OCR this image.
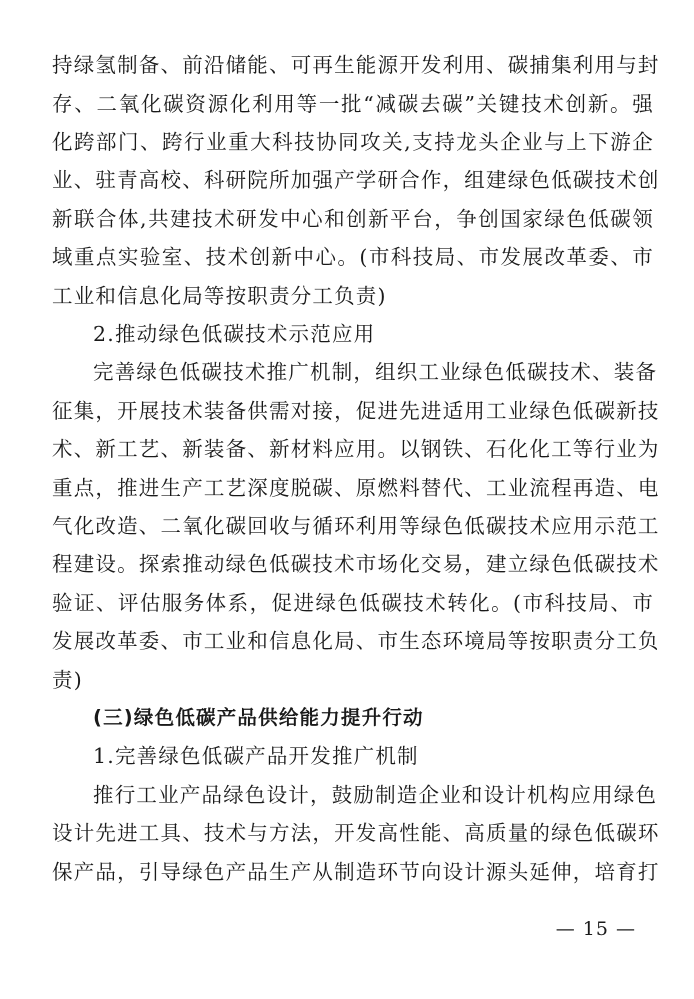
持绿氢制备、前沿储能、可再生能源开发利用、碳捕集利用与封
存、二氧化碳资源化利用等一批“减碳去碳”关键技术创新。强
化跨部门、跨行业重大科技协同攻关,支持龙头企业与上下游企
业、驻青高校、科研院所加强产学研合作，组建绿色低碳技术创
新联合体,共建技术研发中心和创新平台，争创国家绿色低碳领
域重点实验室、技术创新中心。(市科技局、市发展改革委、市
工业和信息化局等按职责分工负责)
2.推动绿色低碳技术示范应用
完善绿色低碳技术推广机制，组织工业绿色低碳技术、装备
征集，开展技术装备供需对接，促进先进适用工业绿色低碳新技
术、新工艺、新装备、新材料应用。以钢铁、石化化工等行业为
重点，推进生产工艺深度脱碳、原燃料替代、工业流程再造、电
气化改造、二氧化碳回收与循环利用等绿色低碳技术应用示范工
程建设。探索推动绿色低碳技术市场化交易，建立绿色低碳技术
验证、评估服务体系，促进绿色低碳技术转化。(市科技局、市
发展改革委、市工业和信息化局、市生态环境局等按职责分工负
责)
(三)绿色低碳产品供给能力提升行动
1.完善绿色低碳产品开发推广机制
推行工业产品绿色设计，鼓励制造企业和设计机构应用绿色
设计先进工具、技术与方法，开发高性能、高质量的绿色低碳环
保产品，引导绿色产品生产从制造环节向设计源头延伸，培育打
— 15 —
